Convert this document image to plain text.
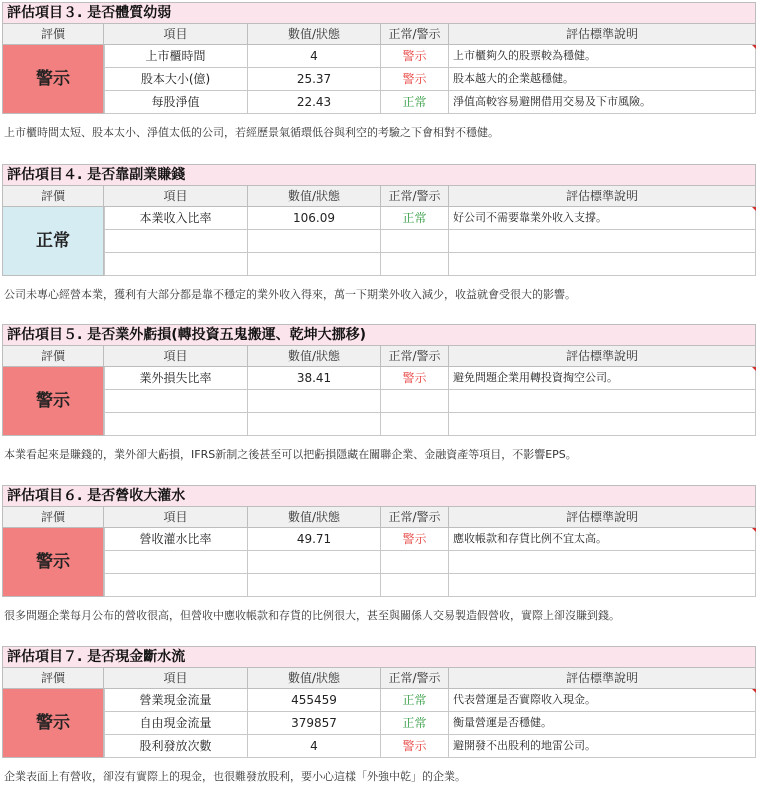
評估項目３. 是否體質幼弱
評價	項目	數值/狀態	正常/警示	評估標準說明
警示
上市櫃時間	4	警示	上市櫃夠久的股票較為穩健。
股本大小(億)	25.37	警示	股本越大的企業越穩健。
每股淨值	22.43	正常	淨值高較容易避開借用交易及下市風險。
上市櫃時間太短、股本太小、淨值太低的公司，若經歷景氣循環低谷與利空的考驗之下會相對不穩健。
評估項目４. 是否靠副業賺錢
評價	項目	數值/狀態	正常/警示	評估標準說明
正常
本業收入比率	106.09	正常	好公司不需要靠業外收入支撐。
公司未專心經營本業，獲利有大部分都是靠不穩定的業外收入得來，萬一下期業外收入減少，收益就會受很大的影響。
評估項目５. 是否業外虧損(轉投資五鬼搬運、乾坤大挪移)
評價	項目	數值/狀態	正常/警示	評估標準說明
警示
業外損失比率	38.41	警示	避免問題企業用轉投資掏空公司。
本業看起來是賺錢的，業外卻大虧損，IFRS新制之後甚至可以把虧損隱藏在關聯企業、金融資產等項目，不影響EPS。
評估項目６. 是否營收大灌水
評價	項目	數值/狀態	正常/警示	評估標準說明
警示
營收灌水比率	49.71	警示	應收帳款和存貨比例不宜太高。
很多問題企業每月公布的營收很高，但營收中應收帳款和存貨的比例很大，甚至與關係人交易製造假營收，實際上卻沒賺到錢。
評估項目７. 是否現金斷水流
評價	項目	數值/狀態	正常/警示	評估標準說明
警示
營業現金流量	455459	正常	代表營運是否實際收入現金。
自由現金流量	379857	正常	衡量營運是否穩健。
股利發放次數	4	警示	避開發不出股利的地雷公司。
企業表面上有營收，卻沒有實際上的現金，也很難發放股利，要小心這樣「外強中乾」的企業。
